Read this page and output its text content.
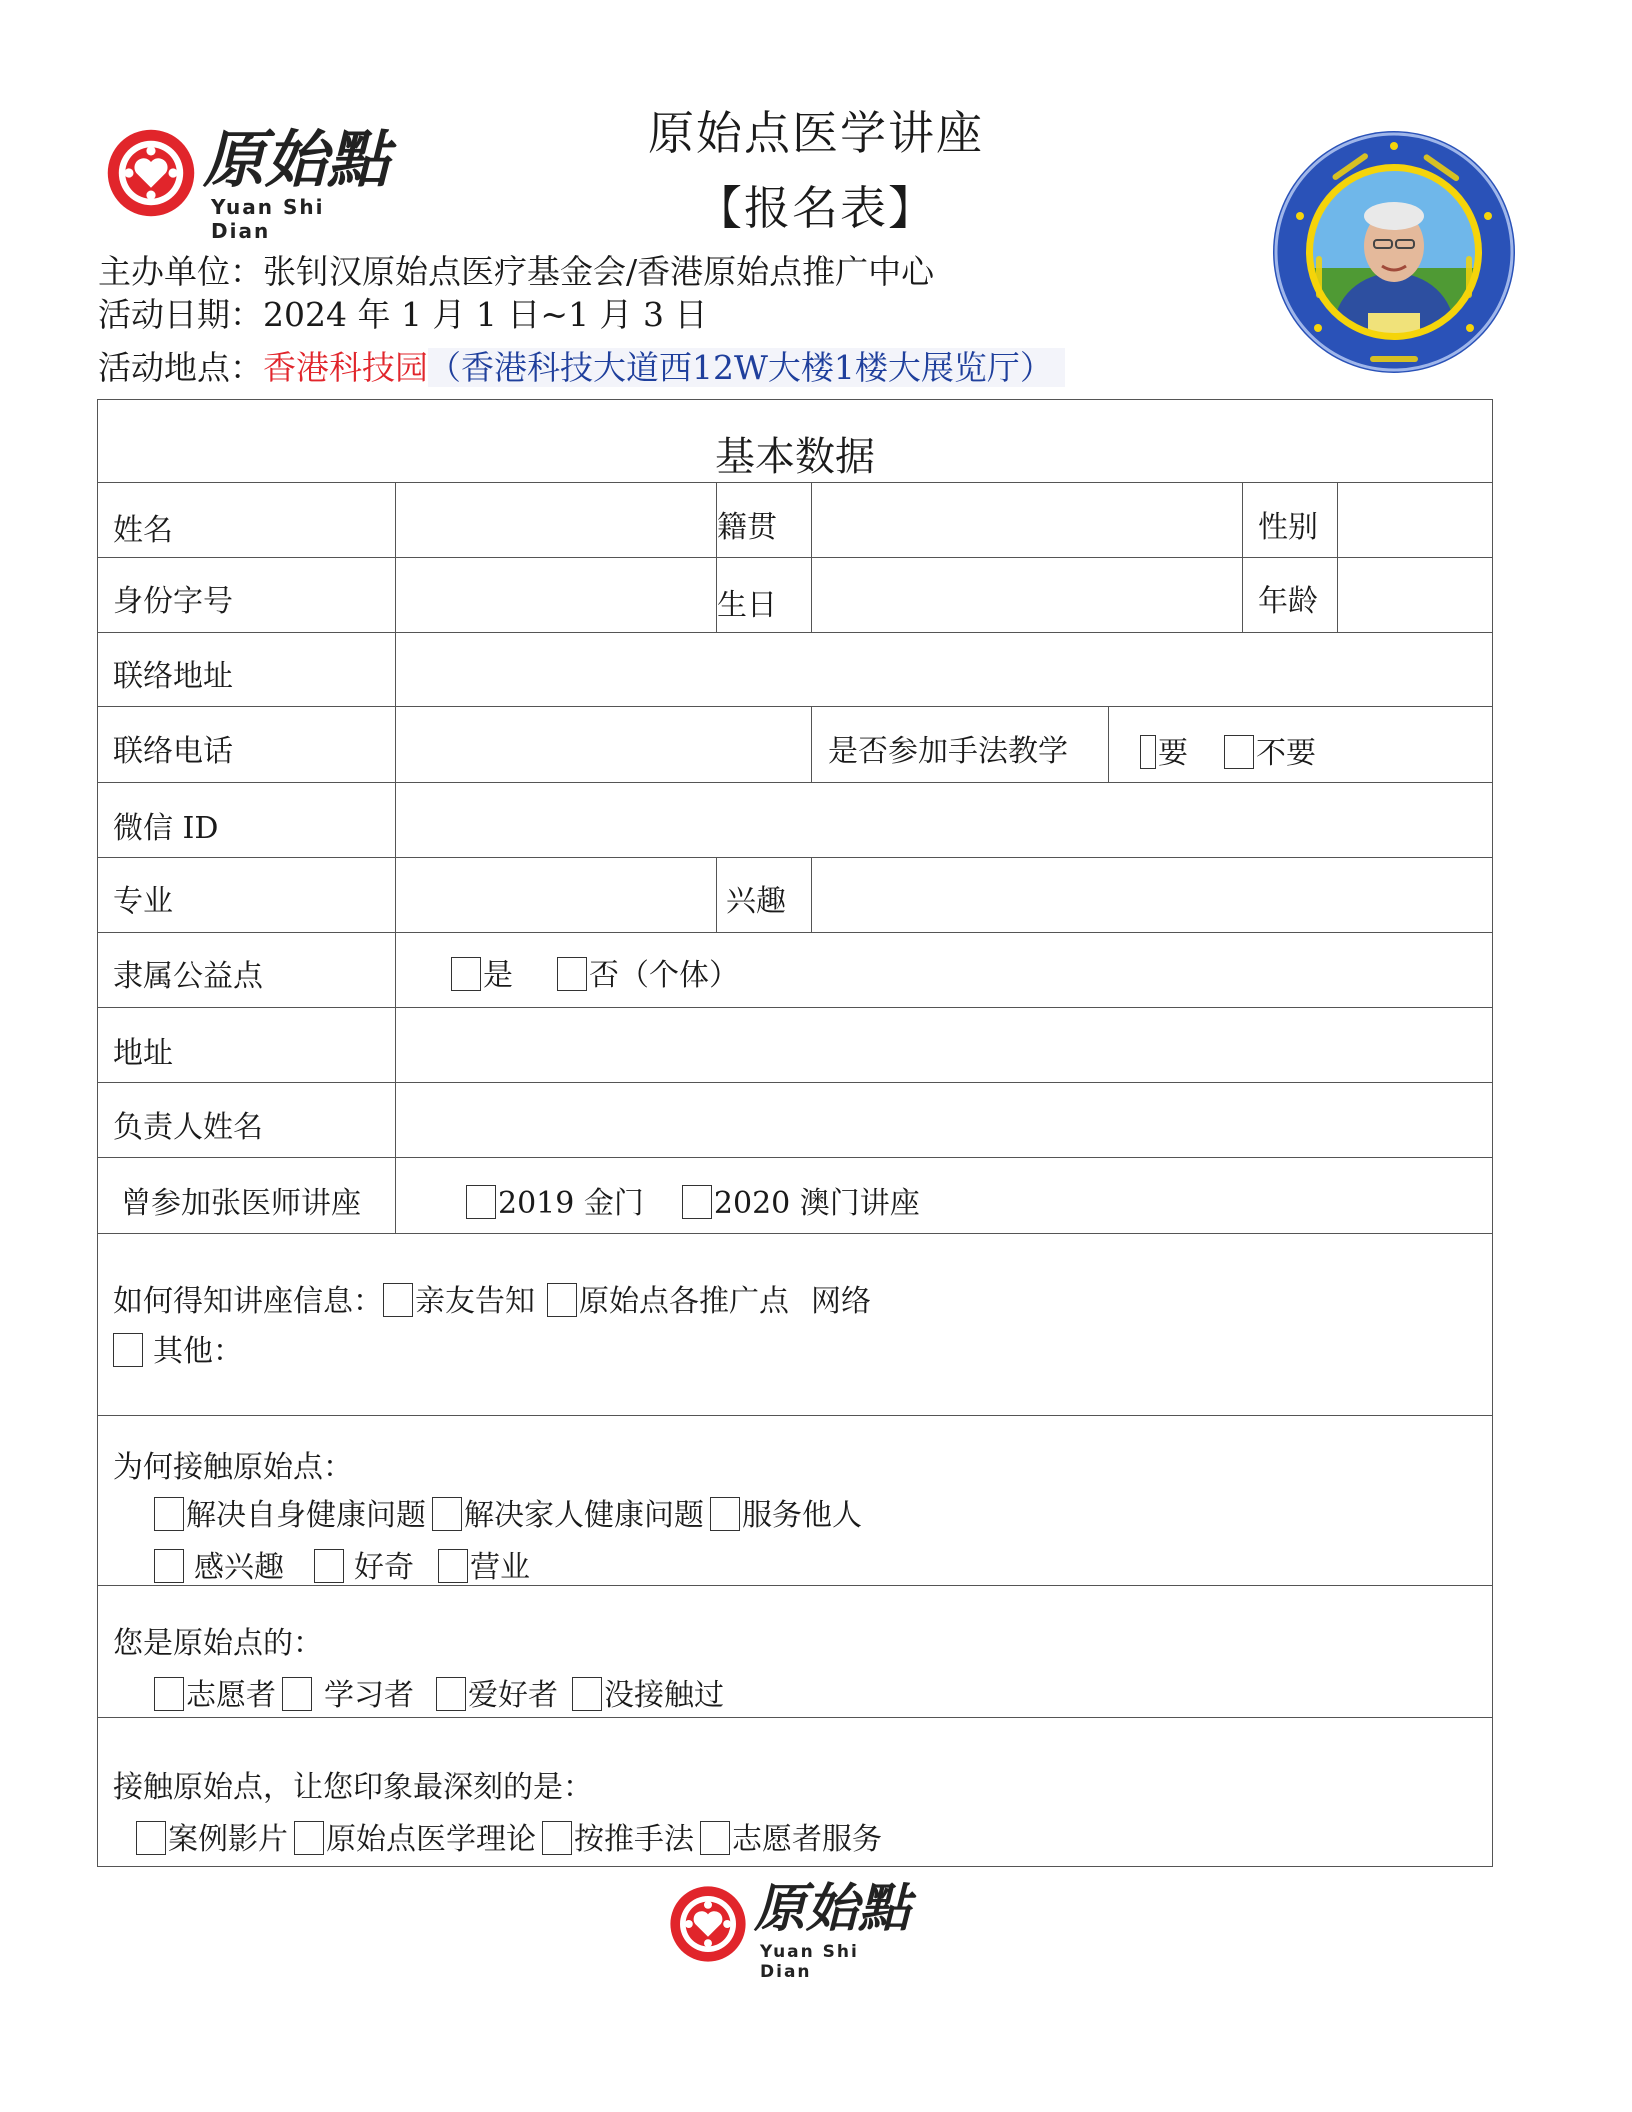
原始點
Yuan Shi Dian
原始点医学讲座
【报名表】
主办单位：张钊汉原始点医疗基金会/香港原始点推广中心
活动日期：2024 年 1 月 1 日~1 月 3 日
活动地点：香港科技园（香港科技大道西12W大楼1楼大展览厅）
基本数据
姓名	籍贯	性别
身份字号	生日	年龄
联络地址
联络电话	是否参加手法教学	要 不要
微信 ID
专业	兴趣
隶属公益点	是	否（个体）
地址
负责人姓名
曾参加张医师讲座	2019 金门 2020 澳门讲座
如何得知讲座信息： 亲友告知 原始点各推广点 网络
其他：
为何接触原始点：
解决自身健康问题 解决家人健康问题 服务他人
感兴趣 好奇 营业
您是原始点的：
志愿者 学习者 爱好者 没接触过
接触原始点，让您印象最深刻的是：
案例影片 原始点医学理论 按推手法 志愿者服务
原始點
Yuan Shi Dian
